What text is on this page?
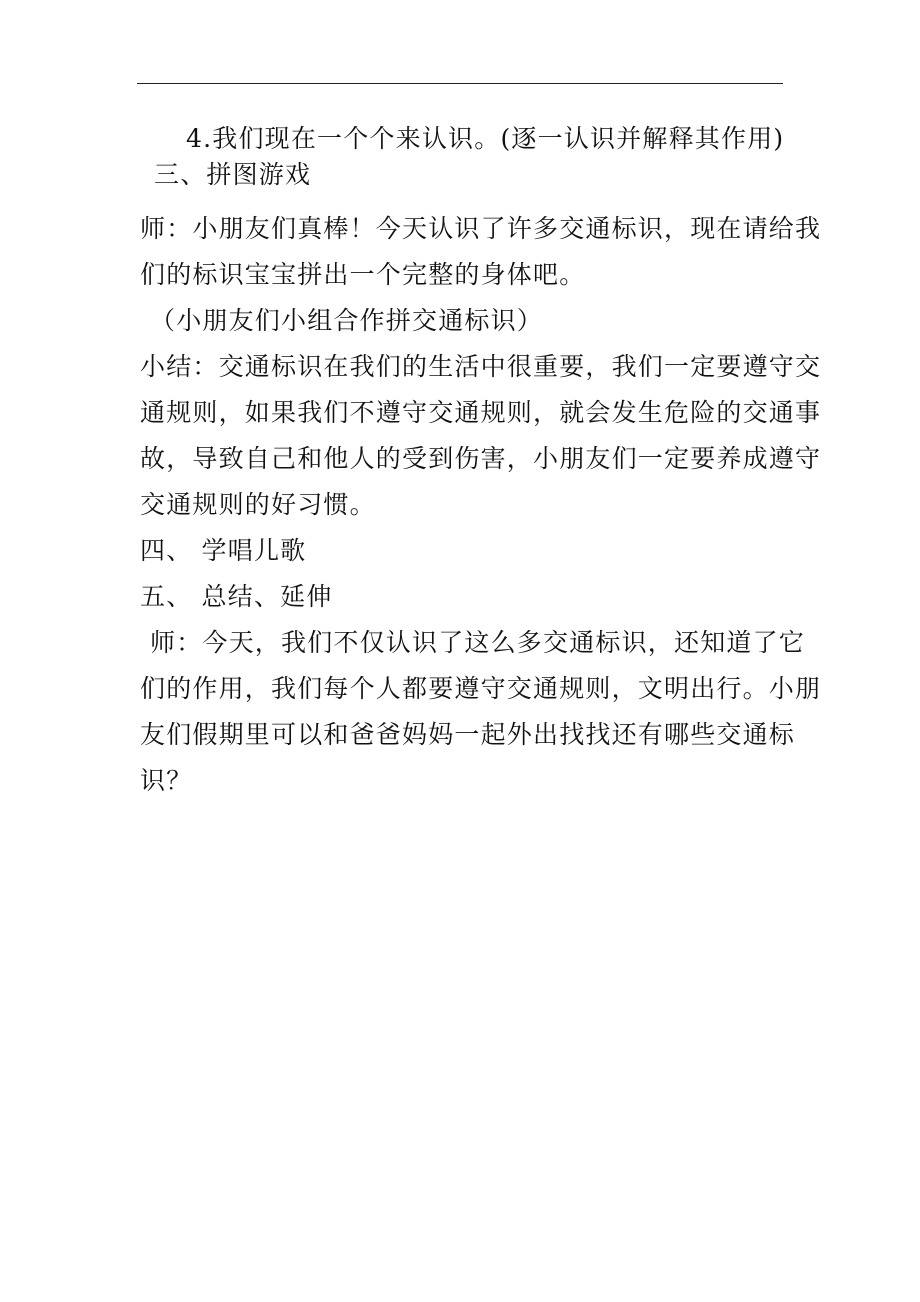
4.我们现在一个个来认识。(逐一认识并解释其作用)
三、拼图游戏
师：小朋友们真棒！今天认识了许多交通标识，现在请给我
们的标识宝宝拼出一个完整的身体吧。
（小朋友们小组合作拼交通标识）
小结：交通标识在我们的生活中很重要，我们一定要遵守交
通规则，如果我们不遵守交通规则，就会发生危险的交通事
故，导致自己和他人的受到伤害，小朋友们一定要养成遵守
交通规则的好习惯。
四、 学唱儿歌
五、 总结、延伸
师：今天，我们不仅认识了这么多交通标识，还知道了它
们的作用，我们每个人都要遵守交通规则，文明出行。小朋
友们假期里可以和爸爸妈妈一起外出找找还有哪些交通标
识？
